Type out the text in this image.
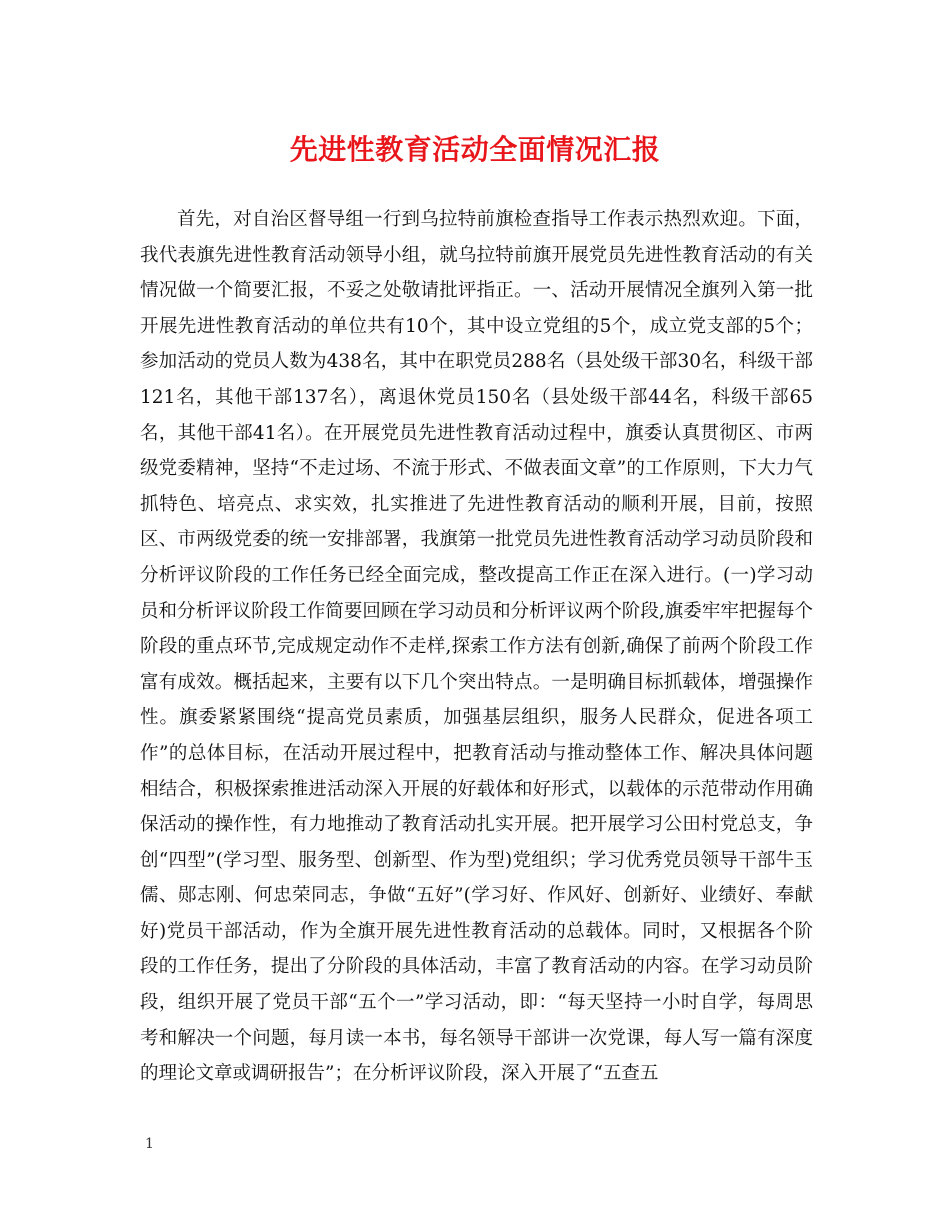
先进性教育活动全面情况汇报
首先，对自治区督导组一行到乌拉特前旗检查指导工作表示热烈欢迎。下面，我代表旗先进性教育活动领导小组，就乌拉特前旗开展党员先进性教育活动的有关情况做一个简要汇报，不妥之处敬请批评指正。一、活动开展情况全旗列入第一批开展先进性教育活动的单位共有10个，其中设立党组的5个，成立党支部的5个；参加活动的党员人数为438名，其中在职党员288名（县处级干部30名，科级干部121名，其他干部137名），离退休党员150名（县处级干部44名，科级干部65名，其他干部41名）。在开展党员先进性教育活动过程中，旗委认真贯彻区、市两级党委精神，坚持“不走过场、不流于形式、不做表面文章”的工作原则，下大力气抓特色、培亮点、求实效，扎实推进了先进性教育活动的顺利开展，目前，按照区、市两级党委的统一安排部署，我旗第一批党员先进性教育活动学习动员阶段和分析评议阶段的工作任务已经全面完成，整改提高工作正在深入进行。(一)学习动员和分析评议阶段工作简要回顾在学习动员和分析评议两个阶段,旗委牢牢把握每个阶段的重点环节,完成规定动作不走样,探索工作方法有创新,确保了前两个阶段工作富有成效。概括起来，主要有以下几个突出特点。一是明确目标抓载体，增强操作性。旗委紧紧围绕“提高党员素质，加强基层组织，服务人民群众，促进各项工作”的总体目标，在活动开展过程中，把教育活动与推动整体工作、解决具体问题相结合，积极探索推进活动深入开展的好载体和好形式，以载体的示范带动作用确保活动的操作性，有力地推动了教育活动扎实开展。把开展学习公田村党总支，争创“四型”(学习型、服务型、创新型、作为型)党组织；学习优秀党员领导干部牛玉儒、郧志刚、何忠荣同志，争做“五好”(学习好、作风好、创新好、业绩好、奉献好)党员干部活动，作为全旗开展先进性教育活动的总载体。同时，又根据各个阶段的工作任务，提出了分阶段的具体活动，丰富了教育活动的内容。在学习动员阶段，组织开展了党员干部“五个一”学习活动，即：“每天坚持一小时自学，每周思考和解决一个问题，每月读一本书，每名领导干部讲一次党课，每人写一篇有深度的理论文章或调研报告”；在分析评议阶段，深入开展了“五查五
1
